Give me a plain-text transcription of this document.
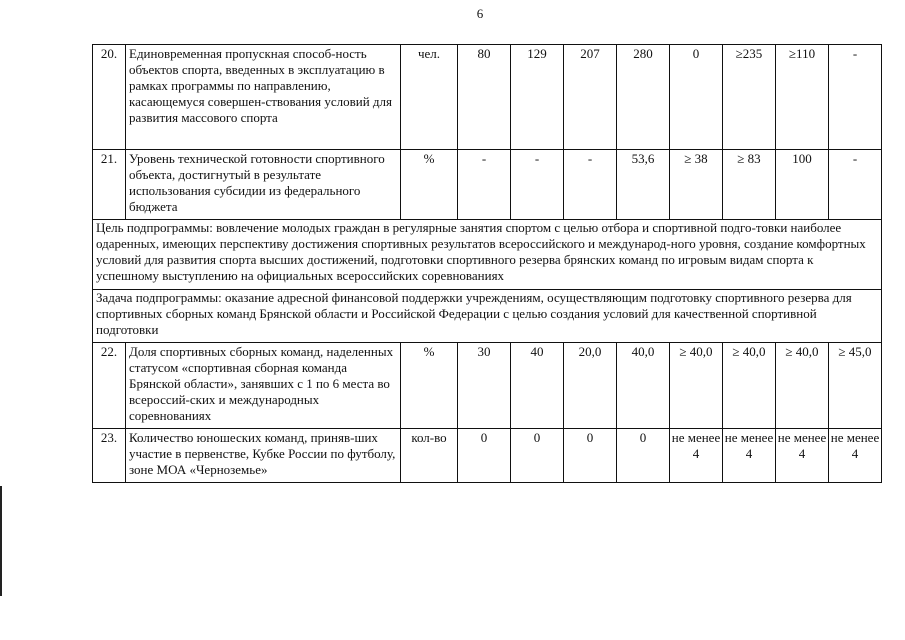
6
20.	Единовременная пропускная способ-ность объектов спорта, введенных в эксплуатацию в рамках программы по направлению, касающемуся совершен-ствования условий для развития массового спорта	чел.	80	129	207	280	0	≥235	≥110	-
21.	Уровень технической готовности спортивного объекта, достигнутый в результате использования субсидии из федерального бюджета	%	-	-	-	53,6	≥ 38	≥ 83	100	-
Цель подпрограммы: вовлечение молодых граждан в регулярные занятия спортом с целью отбора и спортивной подго-товки наиболее одаренных, имеющих перспективу достижения спортивных результатов всероссийского и международ-ного уровня, создание комфортных условий для развития спорта высших достижений, подготовки спортивного резерва брянских команд по игровым видам спорта к успешному выступлению на официальных всероссийских соревнованиях										
Задача подпрограммы: оказание адресной финансовой поддержки учреждениям, осуществляющим подготовку спортивного резерва для спортивных сборных команд Брянской области и Российской Федерации с целью создания условий для качественной спортивной подготовки										
22.	Доля спортивных сборных команд, наделенных статусом «спортивная сборная команда Брянской области», занявших с 1 по 6 места во всероссий-ских и международных соревнованиях	%	30	40	20,0	40,0	≥ 40,0	≥ 40,0	≥ 40,0	≥ 45,0
23.	Количество юношеских команд, приняв-ших участие в первенстве, Кубке России по футболу, зоне МОА «Черноземье»	кол-во	0	0	0	0	не менее 4	не менее 4	не менее 4	не менее 4
